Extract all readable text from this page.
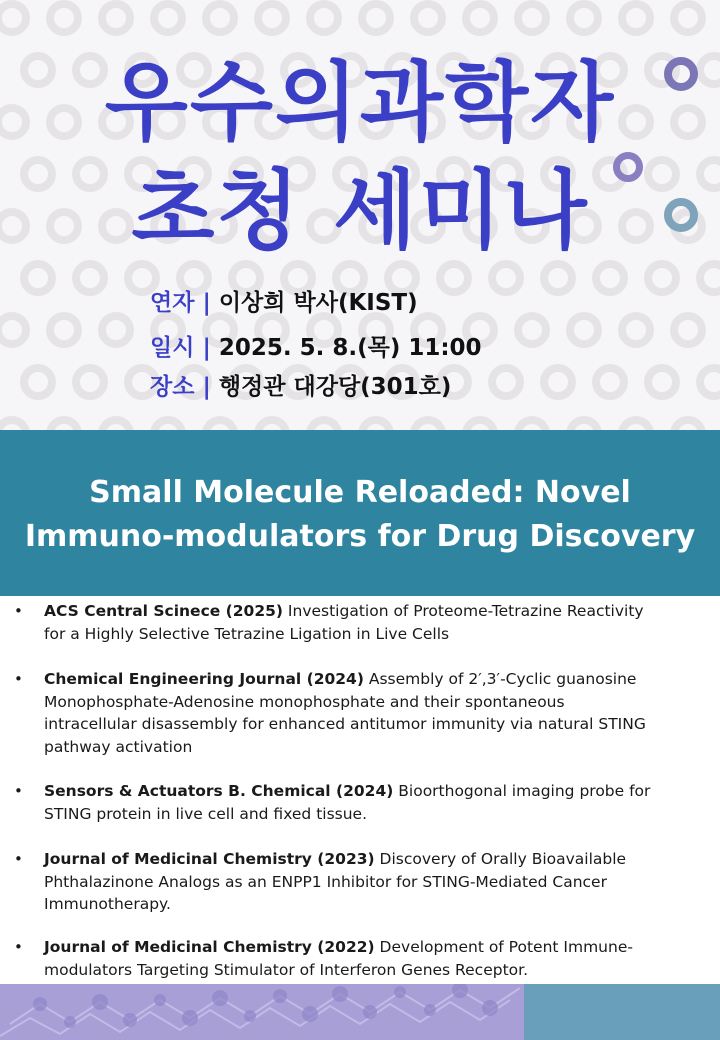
우수의과학자
초청 세미나
연자 | 이상희 박사(KIST)
일시 | 2025. 5. 8.(목) 11:00
장소 | 행정관 대강당(301호)
Small Molecule Reloaded: Novel
Immuno-modulators for Drug Discovery
• ACS Central Scinece (2025) Investigation of Proteome-Tetrazine Reactivity
for a Highly Selective Tetrazine Ligation in Live Cells
• Chemical Engineering Journal (2024) Assembly of 2′,3′-Cyclic guanosine
Monophosphate-Adenosine monophosphate and their spontaneous
intracellular disassembly for enhanced antitumor immunity via natural STING
pathway activation
• Sensors & Actuators B. Chemical (2024) Bioorthogonal imaging probe for
STING protein in live cell and fixed tissue.
• Journal of Medicinal Chemistry (2023) Discovery of Orally Bioavailable
Phthalazinone Analogs as an ENPP1 Inhibitor for STING-Mediated Cancer
Immunotherapy.
• Journal of Medicinal Chemistry (2022) Development of Potent Immune-
modulators Targeting Stimulator of Interferon Genes Receptor.
